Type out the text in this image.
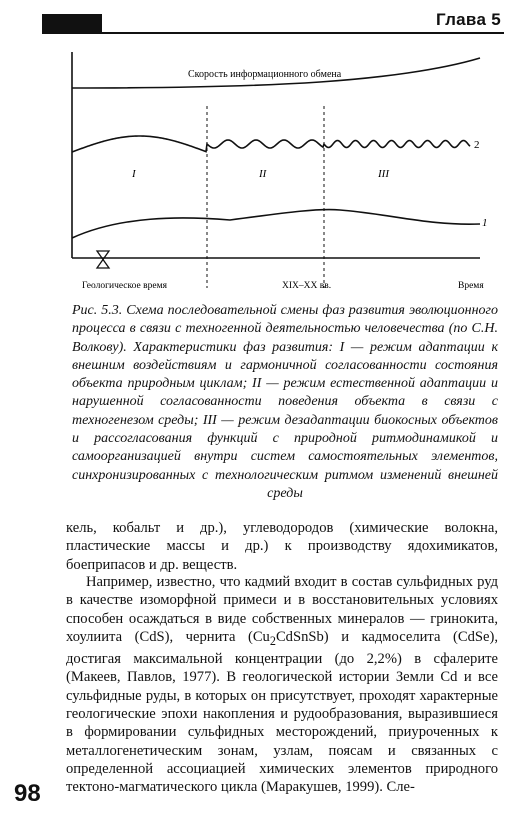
Глава 5
Скорость информационного обмена
2
1
I	II	III
Геологическое время	XIX–XX вв.	Время

Рис. 5.3. Схема последовательной смены фаз развития эволюционного процесса в связи с техногенной деятельностью человечества (по С.Н. Волкову). Характеристики фаз развития: I — режим адаптации к внешним воздействиям и гармоничной согласованности состояния объекта природным циклам; II — режим естественной адаптации и нарушенной согласованности поведения объекта в связи с техногенезом среды; III — режим дезадаптации биокосных объектов и рассогласования функций с природной ритмодинамикой и самоорганизацией внутри систем самостоятельных элементов, синхронизированных с технологическим ритмом изменений внешней среды

кель, кобальт и др.), углеводородов (химические волокна, пластические массы и др.) к производству ядохимикатов, боеприпасов и др. веществ.

Например, известно, что кадмий входит в состав сульфидных руд в качестве изоморфной примеси и в восстановительных условиях способен осаждаться в виде собственных минералов — гринокита, хоулиита (CdS), чернита $(Cu_2CdSnSb)$ и кадмоселита (CdSe), достигая максимальной концентрации (до 2,2%) в сфалерите (Макеев, Павлов, 1977). В геологической истории Земли Cd и все сульфидные руды, в которых он присутствует, проходят характерные геологические эпохи накопления и рудообразования, выразившиеся в формировании сульфидных месторождений, приуроченных к металлогенетическим зонам, узлам, поясам и связанных с определенной ассоциацией химических элементов природного тектоно-магматического цикла (Маракушев, 1999). Сле-

98
